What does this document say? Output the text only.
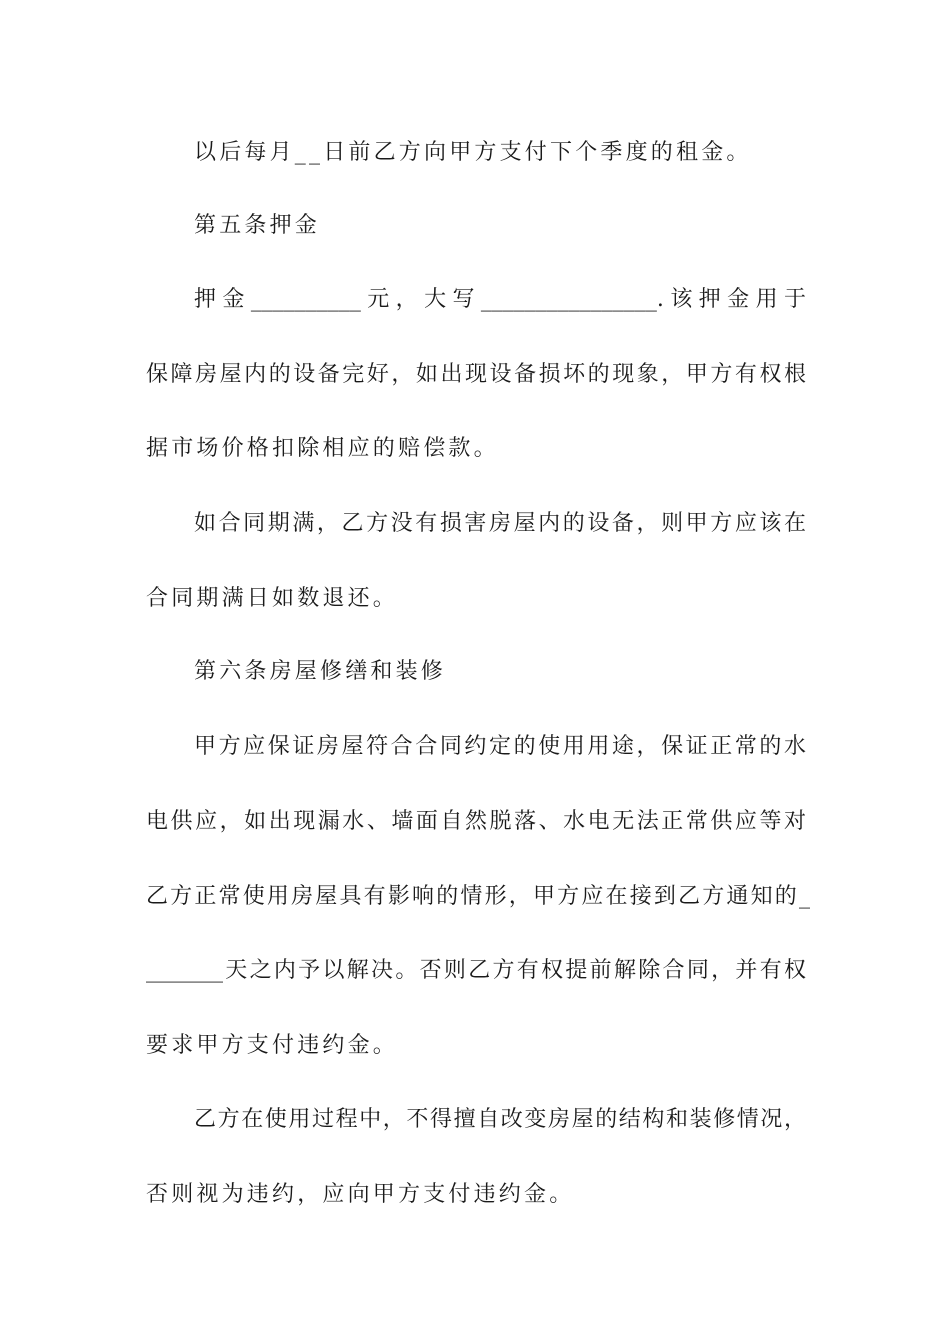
以后每月__日前乙方向甲方支付下个季度的租金。
第五条押金
押金__________元，大写________________.该押金用于
保障房屋内的设备完好，如出现设备损坏的现象，甲方有权根
据市场价格扣除相应的赔偿款。
如合同期满，乙方没有损害房屋内的设备，则甲方应该在
合同期满日如数退还。
第六条房屋修缮和装修
甲方应保证房屋符合合同约定的使用用途，保证正常的水
电供应，如出现漏水、墙面自然脱落、水电无法正常供应等对
乙方正常使用房屋具有影响的情形，甲方应在接到乙方通知的_
_______天之内予以解决。否则乙方有权提前解除合同，并有权
要求甲方支付违约金。
乙方在使用过程中，不得擅自改变房屋的结构和装修情况，
否则视为违约，应向甲方支付违约金。
